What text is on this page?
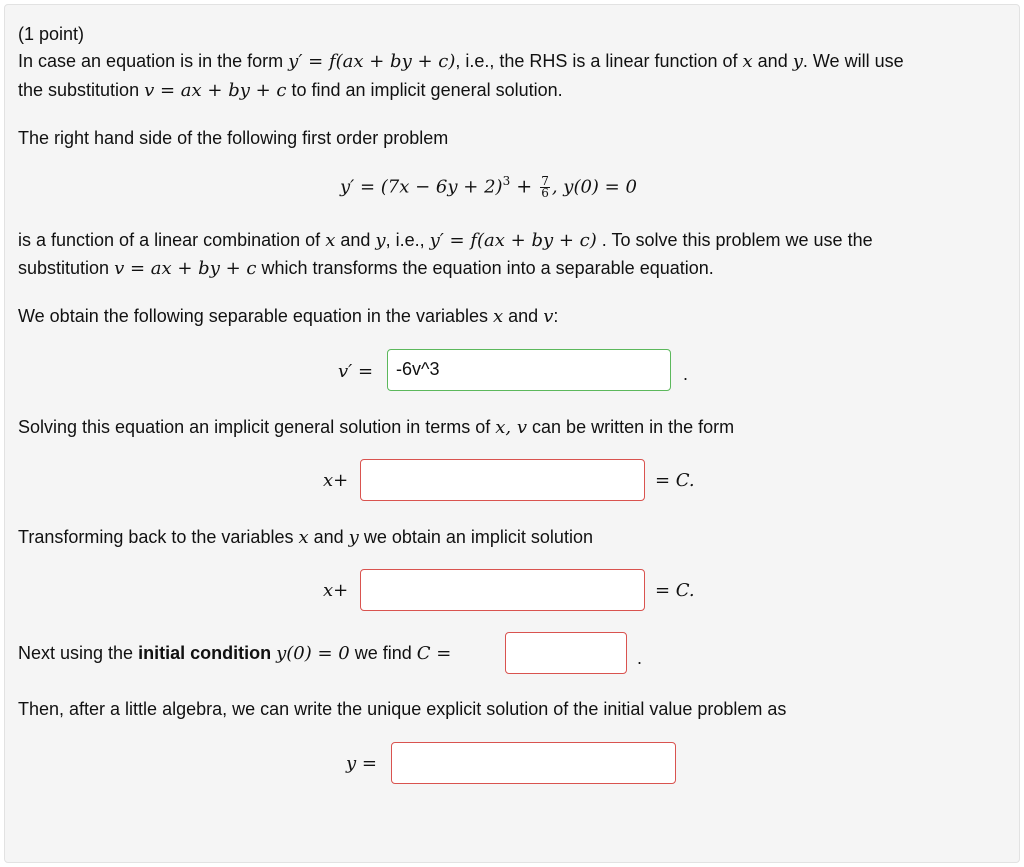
(1 point)
In case an equation is in the form y′ = f(ax + by + c), i.e., the RHS is a linear function of x and y. We will use
the substitution v = ax + by + c to find an implicit general solution.
The right hand side of the following first order problem
$y' = (7x - 6y + 2)^3 + \frac{7}{6}$ , y(0) = 0
is a function of a linear combination of x and y, i.e., y′ = f(ax + by + c) . To solve this problem we use the
substitution v = ax + by + c which transforms the equation into a separable equation.
We obtain the following separable equation in the variables x and v:
v′ =	-6v^3	.
Solving this equation an implicit general solution in terms of x, v can be written in the form
x+	= C.
Transforming back to the variables x and y we obtain an implicit solution
x+	= C.
Next using the initial condition y(0) = 0 we find C =	.
Then, after a little algebra, we can write the unique explicit solution of the initial value problem as
y =
